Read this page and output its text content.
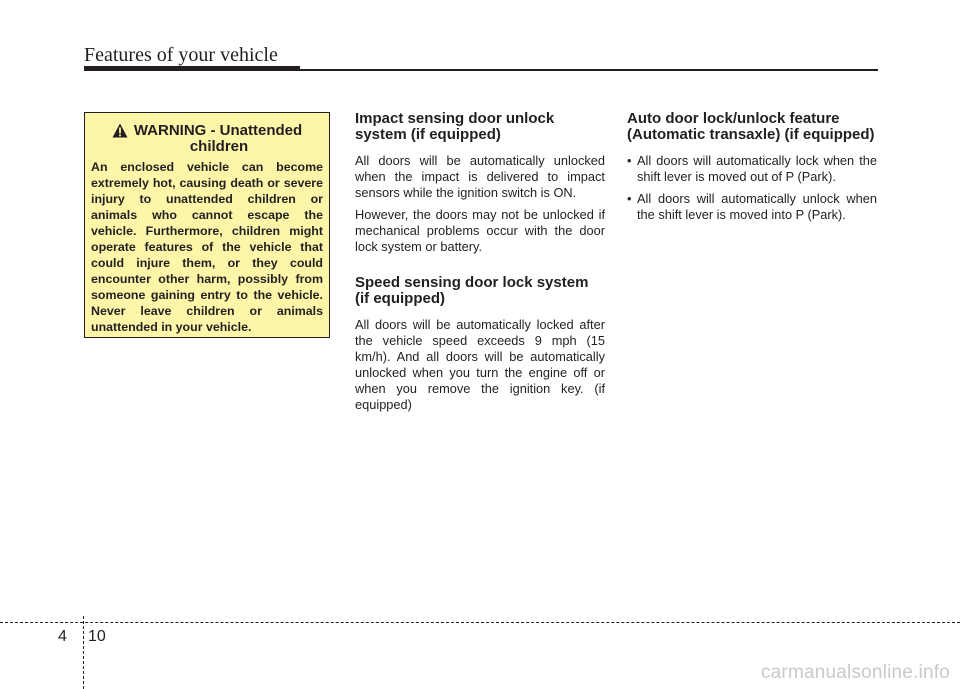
Features of your vehicle
WARNING - Unattended
children

An enclosed vehicle can become extremely hot, causing death or severe injury to unattended children or animals who cannot escape the vehicle. Furthermore, children might operate features of the vehicle that could injure them, or they could encounter other harm, possibly from someone gaining entry to the vehicle. Never leave children or animals unattended in your vehicle.

Impact sensing door unlock system (if equipped)

All doors will be automatically unlocked when the impact is delivered to impact sensors while the ignition switch is ON.

However, the doors may not be unlocked if mechanical problems occur with the door lock system or battery.

Speed sensing door lock system (if equipped)

All doors will be automatically locked after the vehicle speed exceeds 9 mph (15 km/h). And all doors will be automatically unlocked when you turn the engine off or when you remove the ignition key. (if equipped)

Auto door lock/unlock feature (Automatic transaxle) (if equipped)
• All doors will automatically lock when the shift lever is moved out of P (Park).
• All doors will automatically unlock when the shift lever is moved into P (Park).
4 10
carmanualsonline.info
